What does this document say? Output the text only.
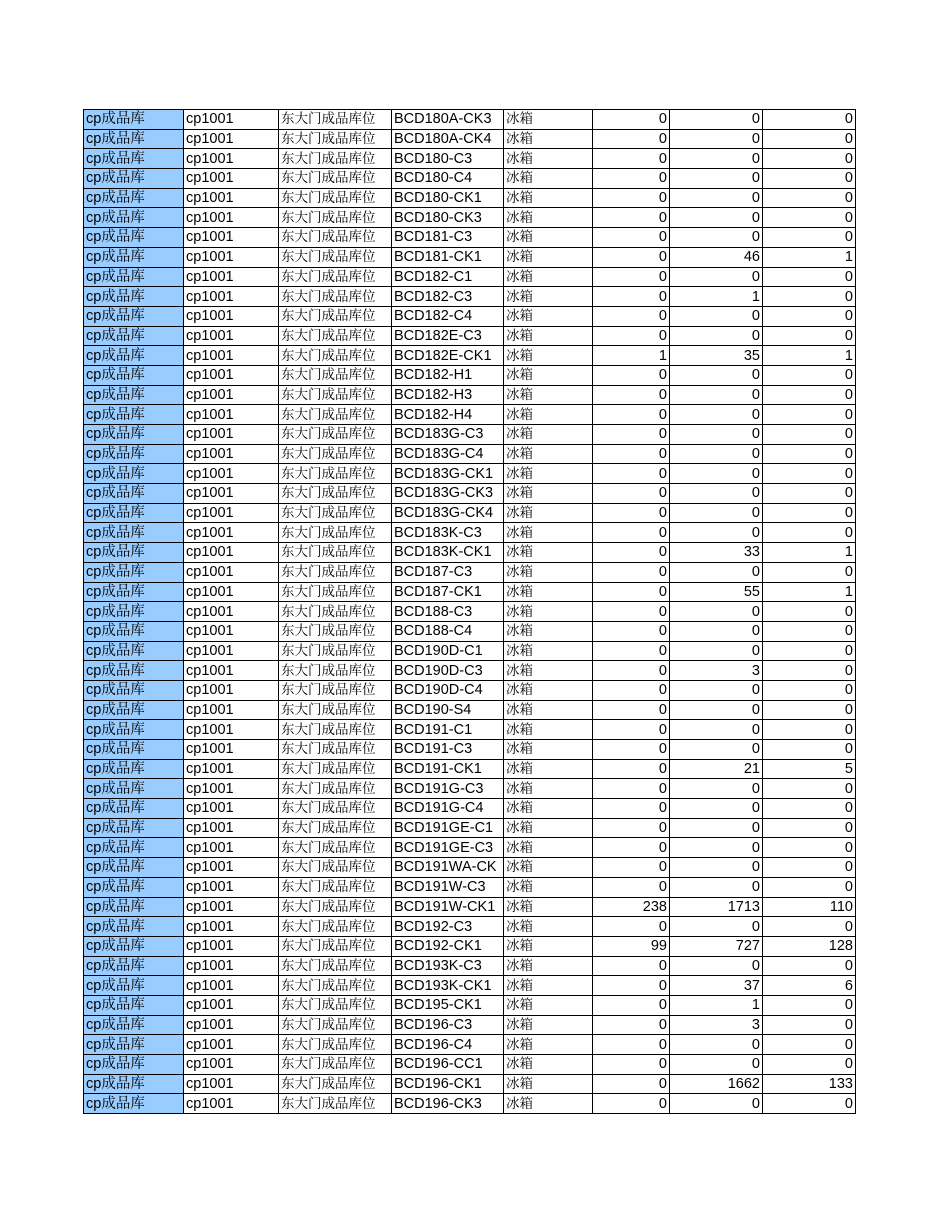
cp成品库	cp1001	东大门成品库位	BCD180A-CK3	冰箱	0	0	0
cp成品库	cp1001	东大门成品库位	BCD180A-CK4	冰箱	0	0	0
cp成品库	cp1001	东大门成品库位	BCD180-C3	冰箱	0	0	0
cp成品库	cp1001	东大门成品库位	BCD180-C4	冰箱	0	0	0
cp成品库	cp1001	东大门成品库位	BCD180-CK1	冰箱	0	0	0
cp成品库	cp1001	东大门成品库位	BCD180-CK3	冰箱	0	0	0
cp成品库	cp1001	东大门成品库位	BCD181-C3	冰箱	0	0	0
cp成品库	cp1001	东大门成品库位	BCD181-CK1	冰箱	0	46	1
cp成品库	cp1001	东大门成品库位	BCD182-C1	冰箱	0	0	0
cp成品库	cp1001	东大门成品库位	BCD182-C3	冰箱	0	1	0
cp成品库	cp1001	东大门成品库位	BCD182-C4	冰箱	0	0	0
cp成品库	cp1001	东大门成品库位	BCD182E-C3	冰箱	0	0	0
cp成品库	cp1001	东大门成品库位	BCD182E-CK1	冰箱	1	35	1
cp成品库	cp1001	东大门成品库位	BCD182-H1	冰箱	0	0	0
cp成品库	cp1001	东大门成品库位	BCD182-H3	冰箱	0	0	0
cp成品库	cp1001	东大门成品库位	BCD182-H4	冰箱	0	0	0
cp成品库	cp1001	东大门成品库位	BCD183G-C3	冰箱	0	0	0
cp成品库	cp1001	东大门成品库位	BCD183G-C4	冰箱	0	0	0
cp成品库	cp1001	东大门成品库位	BCD183G-CK1	冰箱	0	0	0
cp成品库	cp1001	东大门成品库位	BCD183G-CK3	冰箱	0	0	0
cp成品库	cp1001	东大门成品库位	BCD183G-CK4	冰箱	0	0	0
cp成品库	cp1001	东大门成品库位	BCD183K-C3	冰箱	0	0	0
cp成品库	cp1001	东大门成品库位	BCD183K-CK1	冰箱	0	33	1
cp成品库	cp1001	东大门成品库位	BCD187-C3	冰箱	0	0	0
cp成品库	cp1001	东大门成品库位	BCD187-CK1	冰箱	0	55	1
cp成品库	cp1001	东大门成品库位	BCD188-C3	冰箱	0	0	0
cp成品库	cp1001	东大门成品库位	BCD188-C4	冰箱	0	0	0
cp成品库	cp1001	东大门成品库位	BCD190D-C1	冰箱	0	0	0
cp成品库	cp1001	东大门成品库位	BCD190D-C3	冰箱	0	3	0
cp成品库	cp1001	东大门成品库位	BCD190D-C4	冰箱	0	0	0
cp成品库	cp1001	东大门成品库位	BCD190-S4	冰箱	0	0	0
cp成品库	cp1001	东大门成品库位	BCD191-C1	冰箱	0	0	0
cp成品库	cp1001	东大门成品库位	BCD191-C3	冰箱	0	0	0
cp成品库	cp1001	东大门成品库位	BCD191-CK1	冰箱	0	21	5
cp成品库	cp1001	东大门成品库位	BCD191G-C3	冰箱	0	0	0
cp成品库	cp1001	东大门成品库位	BCD191G-C4	冰箱	0	0	0
cp成品库	cp1001	东大门成品库位	BCD191GE-C1	冰箱	0	0	0
cp成品库	cp1001	东大门成品库位	BCD191GE-C3	冰箱	0	0	0
cp成品库	cp1001	东大门成品库位	BCD191WA-CK	冰箱	0	0	0
cp成品库	cp1001	东大门成品库位	BCD191W-C3	冰箱	0	0	0
cp成品库	cp1001	东大门成品库位	BCD191W-CK1	冰箱	238	1713	110
cp成品库	cp1001	东大门成品库位	BCD192-C3	冰箱	0	0	0
cp成品库	cp1001	东大门成品库位	BCD192-CK1	冰箱	99	727	128
cp成品库	cp1001	东大门成品库位	BCD193K-C3	冰箱	0	0	0
cp成品库	cp1001	东大门成品库位	BCD193K-CK1	冰箱	0	37	6
cp成品库	cp1001	东大门成品库位	BCD195-CK1	冰箱	0	1	0
cp成品库	cp1001	东大门成品库位	BCD196-C3	冰箱	0	3	0
cp成品库	cp1001	东大门成品库位	BCD196-C4	冰箱	0	0	0
cp成品库	cp1001	东大门成品库位	BCD196-CC1	冰箱	0	0	0
cp成品库	cp1001	东大门成品库位	BCD196-CK1	冰箱	0	1662	133
cp成品库	cp1001	东大门成品库位	BCD196-CK3	冰箱	0	0	0
